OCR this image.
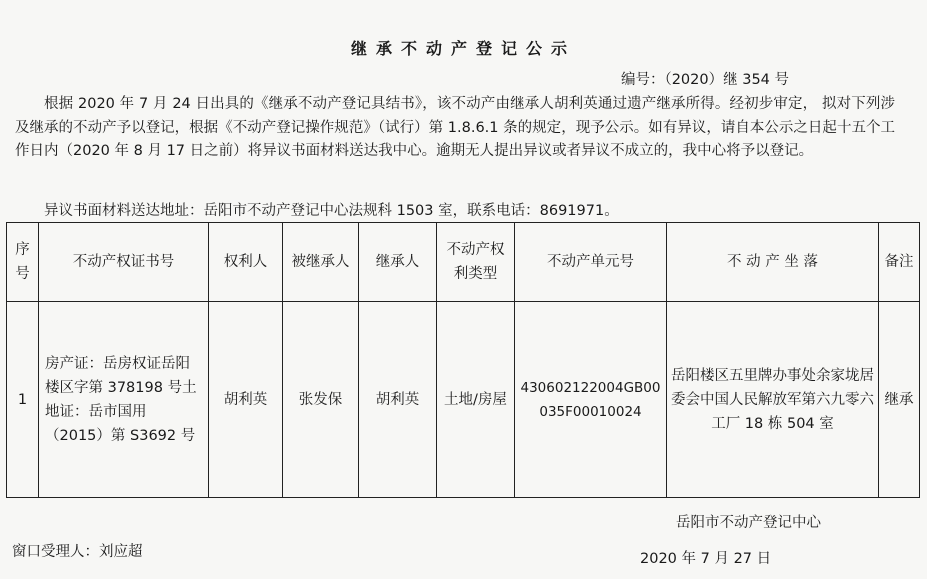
继承不动产登记公示
编号：（2020）继 354 号
根据 2020 年 7 月 24 日出具的《继承不动产登记具结书》，该不动产由继承人胡利英通过遗产继承所得。经初步审定， 拟对下列涉及继承的不动产予以登记，根据《不动产登记操作规范》（试行）第 1.8.6.1 条的规定，现予公示。如有异议，请自本公示之日起十五个工作日内（2020 年 8 月 17 日之前）将异议书面材料送达我中心。逾期无人提出异议或者异议不成立的，我中心将予以登记。
异议书面材料送达地址：岳阳市不动产登记中心法规科 1503 室，联系电话：8691971。
序号	不动产权证书号	权利人	被继承人	继承人	不动产权利类型	不动产单元号	不 动 产 坐 落	备注
1	房产证：岳房权证岳阳楼区字第 378198 号土地证：岳市国用（2015）第 S3692 号	胡利英	张发保	胡利英	土地/房屋	430602122004GB00035F00010024	岳阳楼区五里牌办事处余家垅居委会中国人民解放军第六九零六工厂 18 栋 504 室	继承
岳阳市不动产登记中心
窗口受理人：刘应超	2020 年 7 月 27 日
